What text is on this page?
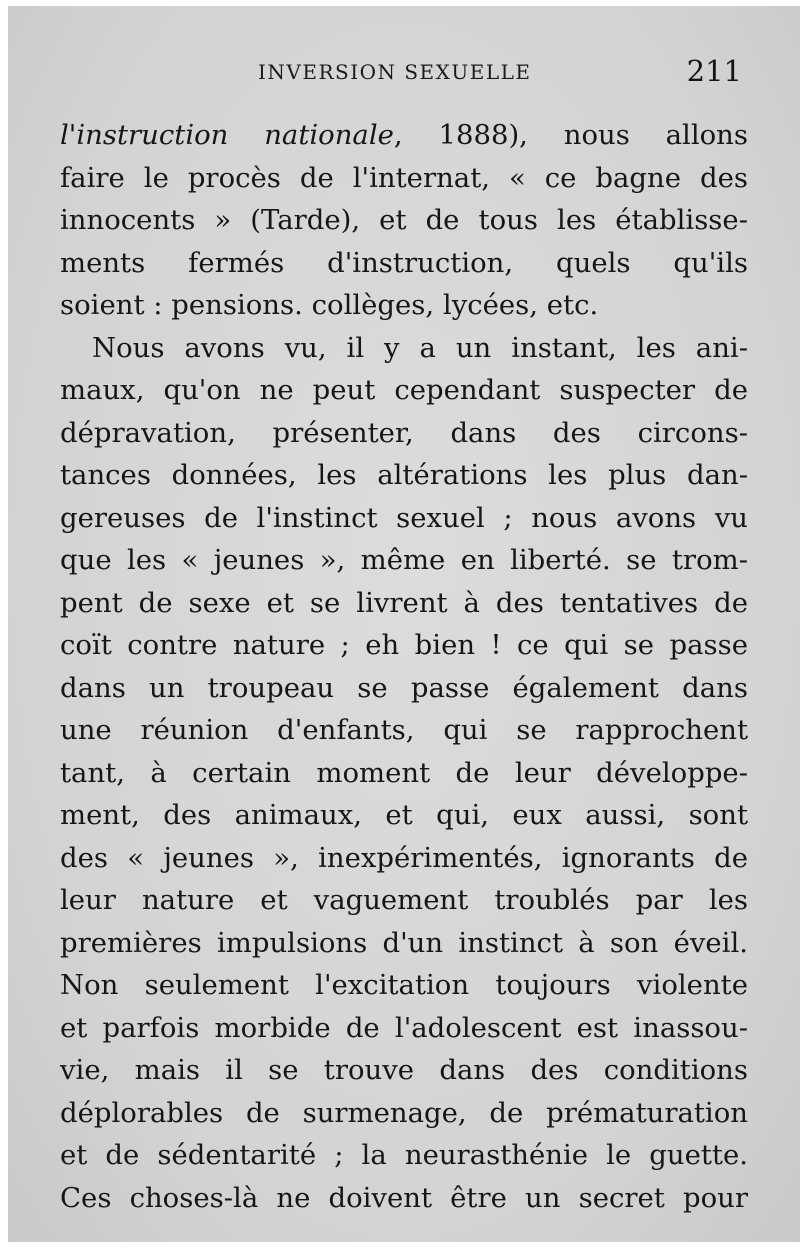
INVERSION SEXUELLE	211
l'instruction nationale, 1888), nous allons
faire le procès de l'internat, « ce bagne des
innocents » (Tarde), et de tous les établisse-
ments fermés d'instruction, quels qu'ils
soient : pensions. collèges, lycées, etc.
Nous avons vu, il y a un instant, les ani-
maux, qu'on ne peut cependant suspecter de
dépravation, présenter, dans des circons-
tances données, les altérations les plus dan-
gereuses de l'instinct sexuel ; nous avons vu
que les « jeunes », même en liberté. se trom-
pent de sexe et se livrent à des tentatives de
coït contre nature ; eh bien ! ce qui se passe
dans un troupeau se passe également dans
une réunion d'enfants, qui se rapprochent
tant, à certain moment de leur développe-
ment, des animaux, et qui, eux aussi, sont
des « jeunes », inexpérimentés, ignorants de
leur nature et vaguement troublés par les
premières impulsions d'un instinct à son éveil.
Non seulement l'excitation toujours violente
et parfois morbide de l'adolescent est inassou-
vie, mais il se trouve dans des conditions
déplorables de surmenage, de prématuration
et de sédentarité ; la neurasthénie le guette.
Ces choses-là ne doivent être un secret pour
